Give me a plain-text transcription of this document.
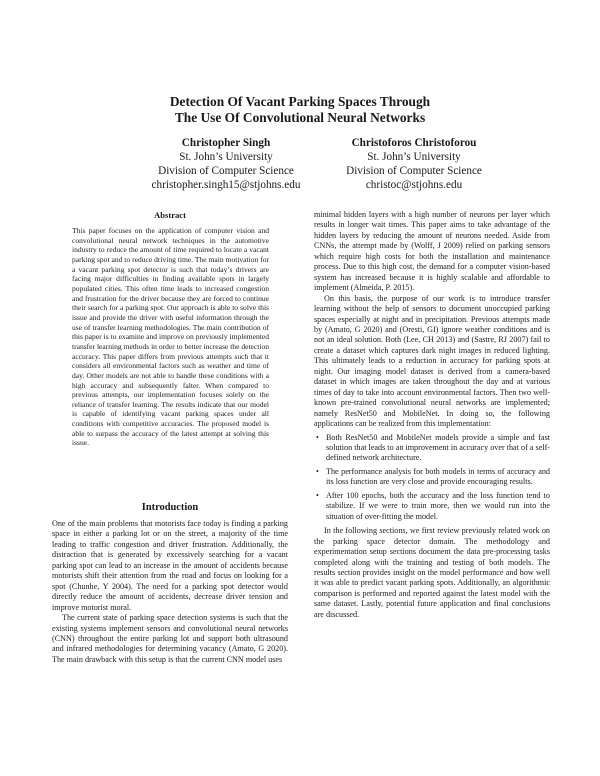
Detection Of Vacant Parking Spaces Through
The Use Of Convolutional Neural Networks
Christopher Singh
St. John’s University
Division of Computer Science
christopher.singh15@stjohns.edu
Christoforos Christoforou
St. John’s University
Division of Computer Science
christoc@stjohns.edu
Abstract

This paper focuses on the application of computer vision and convolutional neural network techniques in the automotive industry to reduce the amount of time required to locate a vacant parking spot and to reduce driving time. The main motivation for a vacant parking spot detector is such that today’s drivers are facing major difficulties in finding available spots in largely populated cities. This often time leads to increased congestion and frustration for the driver because they are forced to continue their search for a parking spot. Our approach is able to solve this issue and provide the driver with useful information through the use of transfer learning methodologies. The main contribution of this paper is to examine and improve on previously implemented transfer learning methods in order to better increase the detection accuracy. This paper differs from previous attempts such that it considers all environmental factors such as weather and time of day. Other models are not able to handle these conditions with a high accuracy and subsequently falter. When compared to previous attempts, our implementation focuses solely on the reliance of transfer learning. The results indicate that our model is capable of identifying vacant parking spaces under all conditions with competitive accuracies. The proposed model is able to surpass the accuracy of the latest attempt at solving this issue.

Introduction

One of the main problems that motorists face today is finding a parking space in either a parking lot or on the street, a majority of the time leading to traffic congestion and driver frustration. Additionally, the distraction that is generated by excessively searching for a vacant parking spot can lead to an increase in the amount of accidents because motorists shift their attention from the road and focus on looking for a spot (Chunhe, Y 2004). The need for a parking spot detector would directly reduce the amount of accidents, decrease driver tension and improve motorist moral.

The current state of parking space detection systems is such that the existing systems implement sensors and convolutional neural networks (CNN) throughout the entire parking lot and support both ultrasound and infrared methodologies for determining vacancy (Amato, G 2020). The main drawback with this setup is that the current CNN model uses

minimal hidden layers with a high number of neurons per layer which results in longer wait times. This paper aims to take advantage of the hidden layers by reducing the amount of neurons needed. Aside from CNNs, the attempt made by (Wolff, J 2009) relied on parking sensors which require high costs for both the installation and maintenance process. Due to this high cost, the demand for a computer vision-based system has increased because it is highly scalable and affordable to implement (Almeida, P. 2015).

On this basis, the purpose of our work is to introduce transfer learning without the help of sensors to document unoccupied parking spaces especially at night and in precipitation. Previous attempts made by (Amato, G 2020) and (Oresti, GI) ignore weather conditions and is not an ideal solution. Both (Lee, CH 2013) and (Sastre, RJ 2007) fail to create a dataset which captures dark night images in reduced lighting. This ultimately leads to a reduction in accuracy for parking spots at night. Our imaging model dataset is derived from a camera-based dataset in which images are taken throughout the day and at various times of day to take into account environmental factors. Then two well-known pre-trained convolutional neural networks are implemented; namely ResNet50 and MobileNet. In doing so, the following applications can be realized from this implementation:

• Both ResNet50 and MobileNet models provide a simple and fast solution that leads to an improvement in accuracy over that of a self-defined network architecture.
• The performance analysis for both models in terms of accuracy and its loss function are very close and provide encouraging results.
• After 100 epochs, both the accuracy and the loss function tend to stabilize. If we were to train more, then we would run into the situation of over-fitting the model.

In the following sections, we first review previously related work on the parking space detector domain. The methodology and experimentation setup sections document the data pre-processing tasks completed along with the training and testing of both models. The results section provides insight on the model performance and how well it was able to predict vacant parking spots. Additionally, an algorithmic comparison is performed and reported against the latest model with the same dataset. Lastly, potential future application and final conclusions are discussed.
